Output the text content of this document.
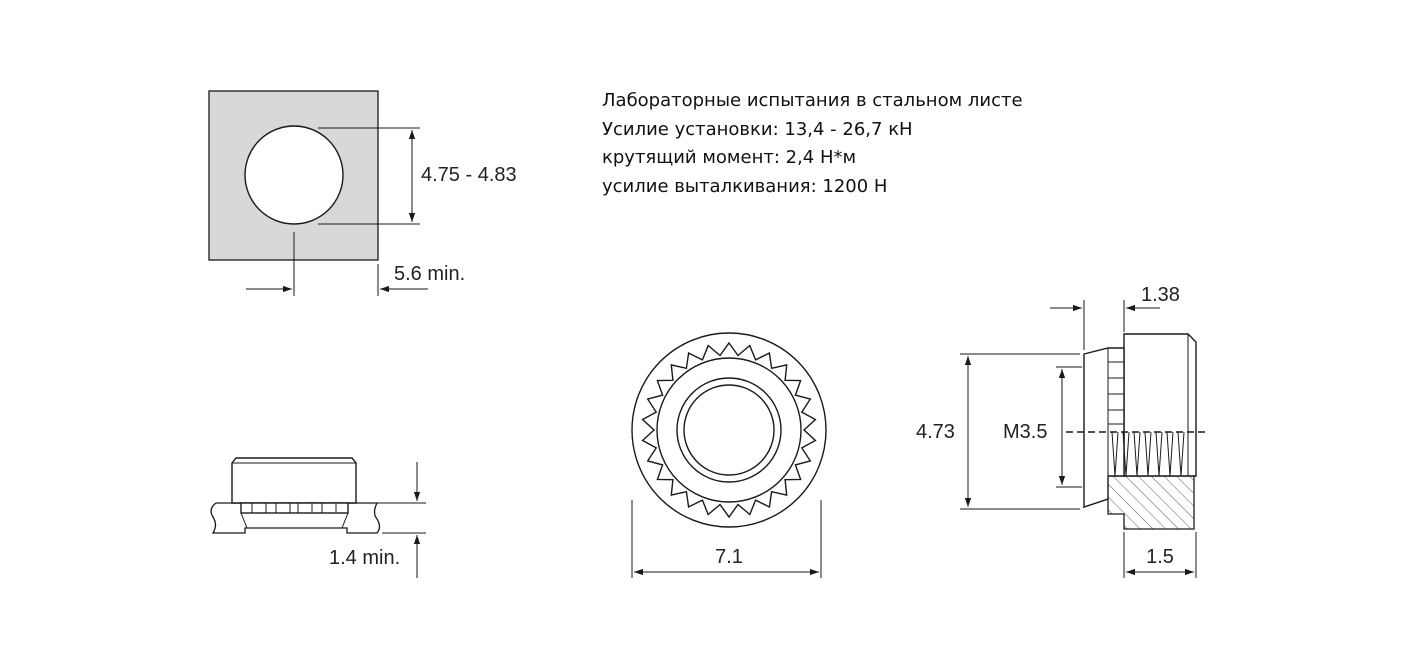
4.75 - 4.83
5.6 min.
Лабораторные испытания в стальном листе
Усилие установки: 13,4 - 26,7 кН
крутящий момент: 2,4 Н*м
усилие выталкивания: 1200 Н
1.4 min.	7.1
4.73 M3.5
1.38
1.5
